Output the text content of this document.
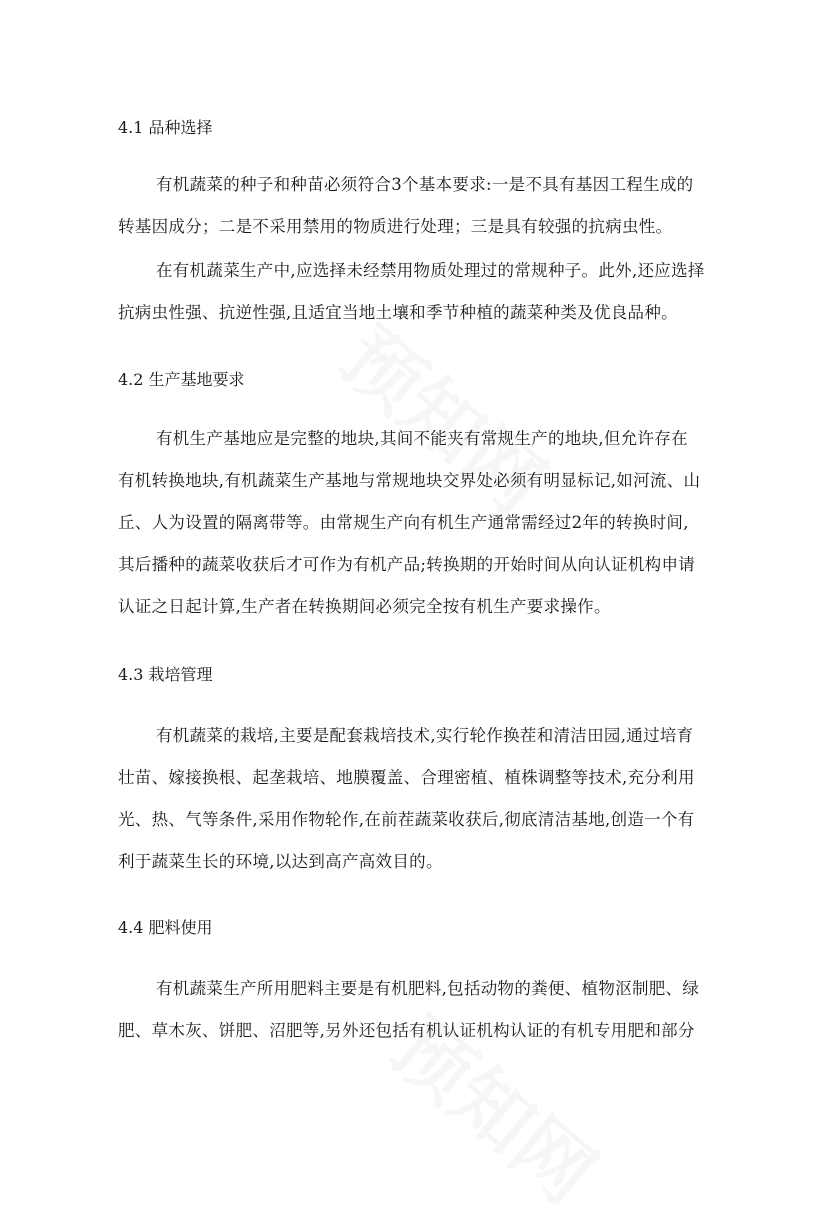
4.1 品种选择
有机蔬菜的种子和种苗必须符合3个基本要求:一是不具有基因工程生成的
转基因成分；二是不采用禁用的物质进行处理；三是具有较强的抗病虫性。
在有机蔬菜生产中,应选择未经禁用物质处理过的常规种子。此外,还应选择
抗病虫性强、抗逆性强,且适宜当地土壤和季节种植的蔬菜种类及优良品种。
4.2 生产基地要求
有机生产基地应是完整的地块,其间不能夹有常规生产的地块,但允许存在
有机转换地块,有机蔬菜生产基地与常规地块交界处必须有明显标记,如河流、山
丘、人为设置的隔离带等。由常规生产向有机生产通常需经过2年的转换时间,
其后播种的蔬菜收获后才可作为有机产品;转换期的开始时间从向认证机构申请
认证之日起计算,生产者在转换期间必须完全按有机生产要求操作。
4.3 栽培管理
有机蔬菜的栽培,主要是配套栽培技术,实行轮作换茬和清洁田园,通过培育
壮苗、嫁接换根、起垄栽培、地膜覆盖、合理密植、植株调整等技术,充分利用
光、热、气等条件,采用作物轮作,在前茬蔬菜收获后,彻底清洁基地,创造一个有
利于蔬菜生长的环境,以达到高产高效目的。
4.4 肥料使用
有机蔬菜生产所用肥料主要是有机肥料,包括动物的粪便、植物沤制肥、绿
肥、草木灰、饼肥、沼肥等,另外还包括有机认证机构认证的有机专用肥和部分
